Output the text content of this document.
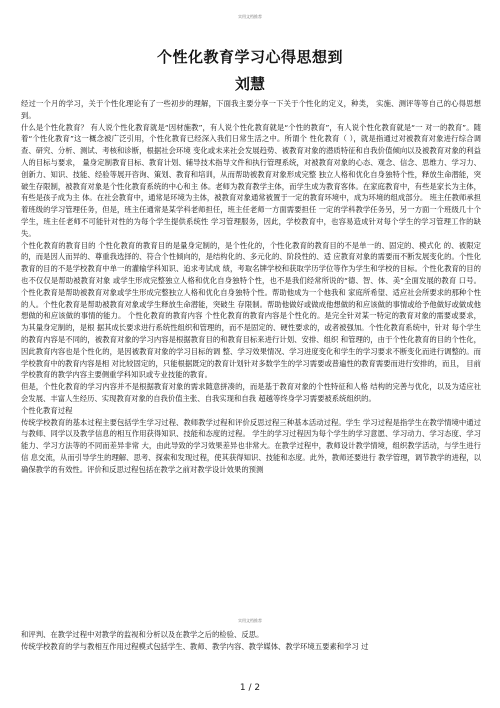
实用文档推荐
个性化教育学习心得思想到
刘慧

经过一个月的学习，关于个性化理论有了一些初步的理解，下面我主要分享一下关于个性化的定义，种类， 实施、测评等等自己的心得思想到。

什么是个性化教育？ 有人说个性化教育就是“因材施教”，有人说个性化教育就是“个性的教育”，有人说个性化教育就是“一 对一的教育”。随着“个性化教育”这一概念被广泛引用，个性化教育已经深入我们日常生活之中。所谓个 性化教育（ ），就是指通过对被教育对象进行综合调查、研究、分析、测试、考核和诊断，根据社会环境 变化或未来社会发展趋势、被教育对象的潜质特征和自我价值倾向以及被教育对象的利益人的目标与要求， 量身定制教育目标、教育计划、辅导技术指导文件和执行管理系统，对被教育对象的心态、观念、信念、思维力、学习力、创新力、知识、技能、经验等展开咨询、策划、教育和培训，从而帮助被教育对象形成完整 独立人格和优化自身独特个性，释放生命潜能，突破生存限制，被教育对象是个性化教育系统的中心和主 体。老师为教育教学主体，而学生成为教育客体。在家庭教育中，有些是家长为主体，有些是孩子成为主 体。在社会教育中，通常是环境为主体，被教育对象通常被置于一定的教育环境中，成为环境的组成部分。 班主任教师承担着班级的学习管理任务，但是，班主任通常是某学科老师担任，班主任老师一方面需要担任 一定的学科教学任务另，另一方面一个班级几十个学生，班主任老师不可能针对性的为每个学生提供系统性 学习管理服务，因此，学校教育中，也容易造成针对每个学生的学习管理工作的缺失。

个性化教育的教育目的 个性化教育的教育目的是量身定制的，是个性化的，个性化教育的教育目的不是单一的、固定的、模式化 的、被限定的，而是因人而异的、尊重我选择的、符合个性倾向的，是结构化的、多元化的、阶段性的、适 应教育对象的需要而不断发展变化的。个性化教育的目的不是学校教育中单一的灌输学科知识、追求考试成 绩，考取名牌学校和获取学历学位等作为学生和学校的目标。个性化教育的目的也不仅仅是帮助被教育对象 或学生形成完整独立人格和优化自身独特个性，也不是我们经常所说的“德、智、体、美”全面发展的教育 口号。个性化教育是帮助被教育对象或学生形成完整独立人格和优化自身独特个性。帮助他成为一个他我和 家庭所希望、适应社会所要求的那种个性的人。个性化教育是帮助被教育对象或学生释放生命潜能，突破生 存限制。帮助他做好或做成他想做的和应该做的事情或给予他做好或做成他想做的和应该做的事情的能力。 个性化教育的教育内容 个性化教育的教育内容是个性化的。是完全针对某一特定的教育对象的需要或要求， 为其量身定制的，是根 据其成长要求进行系统性组织和管理的，而不是固定的、硬性要求的，或者被强加。个性化教育系统中，针对 每个学生的教育内容是不同的，被教育对象的学习内容是根据教育目的和教育目标来进行计划、安排、组织 和管理的，由于个性化教育的目的个性化，因此教育内容也是个性化的，是因被教育对象的学习目标的调 整、学习效果情况、学习进度变化和学生的学习要求不断变化而进行调整的。而学校教育中的教育内容是相 对比较固定的，只能根据既定的教育计划针对多数学生的学习需要或普遍性的教育需要而进行安排的，而且， 目前学校教育的教学内容主要侧重学科知识或专业技能的教育。

但是，个性化教育的学习内容并不是根据教育对象的需求随意拼凑的，而是基于教育对象的个性特征和人格 结构的完善与优化，以及为适应社会发展、丰富人生经历、实现教育对象的自我价值主张、自我实现和自我 超越等终身学习需要被系统组织的。

个性化教育过程

传统学校教育的基本过程主要包括学生学习过程、教师教学过程和评价反思过程三种基本活动过程。学生 学习过程是指学生在教学情境中通过与教师、同学以及教学信息的相互作用获得知识、技能和态度的过程。 学生的学习过程因为每个学生的学习意愿、学习动力、学习态度、学习能力、学习方法等的不同而差异非常 大，由此导致的学习效果差异也非常大。在教学过程中，教师设计教学情境，组织教学活动，与学生进行信 息交流，从而引导学生的理解、思考、探索和发现过程，使其获得知识、技能和态度。此外，教师还要进行 教学管理，调节教学的进程，以确保教学的有效性。评价和反思过程包括在教学之前对教学设计效果的预测

实用文档推荐

和评判、在教学过程中对教学的监视和分析以及在教学之后的检验、反思。

传统学校教育的学与教相互作用过程模式包括学生、教师、教学内容、教学媒体、教学环境五要素和学习 过

1 / 2
